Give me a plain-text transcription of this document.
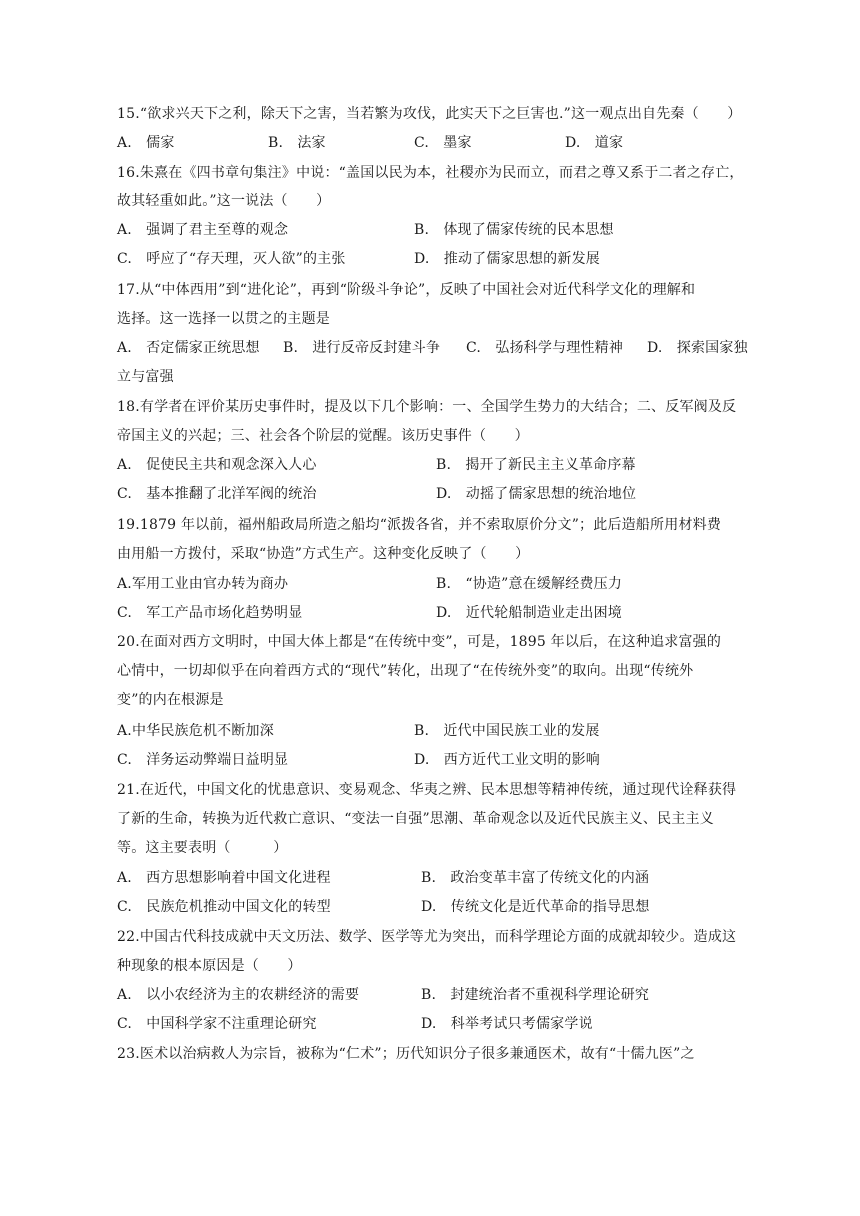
15.“欲求兴天下之利，除天下之害，当若繁为攻伐，此实天下之巨害也.”这一观点出自先秦（　　）
A.　儒家	B.　法家	C.　墨家	D.　道家
16.朱熹在《四书章句集注》中说：“盖国以民为本，社稷亦为民而立，而君之尊又系于二者之存亡，
故其轻重如此。”这一说法（　　）
A.　强调了君主至尊的观念	B.　体现了儒家传统的民本思想
C.　呼应了“存天理，灭人欲”的主张	D.　推动了儒家思想的新发展
17.从“中体西用”到“进化论”，再到“阶级斗争论”，反映了中国社会对近代科学文化的理解和
选择。这一选择一以贯之的主题是
A.　否定儒家正统思想 B.　进行反帝反封建斗争 C.　弘扬科学与理性精神 D.　探索国家独
立与富强
18.有学者在评价某历史事件时，提及以下几个影响：一、全国学生势力的大结合；二、反军阀及反
帝国主义的兴起；三、社会各个阶层的觉醒。该历史事件（　　）
A.　促使民主共和观念深入人心	B.　揭开了新民主主义革命序幕
C.　基本推翻了北洋军阀的统治	D.　动摇了儒家思想的统治地位
19.1879 年以前，福州船政局所造之船均“派拨各省，并不索取原价分文”；此后造船所用材料费
由用船一方拨付，采取“协造”方式生产。这种变化反映了（　　）
A.军用工业由官办转为商办	B.　“协造”意在缓解经费压力
C.　军工产品市场化趋势明显	D.　近代轮船制造业走出困境
20.在面对西方文明时，中国大体上都是“在传统中变”，可是，1895 年以后，在这种追求富强的
心情中，一切却似乎在向着西方式的“现代”转化，出现了“在传统外变”的取向。出现“传统外
变”的内在根源是
A.中华民族危机不断加深	B.　近代中国民族工业的发展
C.　洋务运动弊端日益明显	D.　西方近代工业文明的影响
21.在近代，中国文化的忧患意识、变易观念、华夷之辨、民本思想等精神传统，通过现代诠释获得
了新的生命，转换为近代救亡意识、“变法一自强”思潮、革命观念以及近代民族主义、民主主义
等。这主要表明（　　　）
A.　西方思想影响着中国文化进程	B.　政治变革丰富了传统文化的内涵
C.　民族危机推动中国文化的转型	D.　传统文化是近代革命的指导思想
22.中国古代科技成就中天文历法、数学、医学等尤为突出，而科学理论方面的成就却较少。造成这
种现象的根本原因是（　　）
A.　以小农经济为主的农耕经济的需要	B.　封建统治者不重视科学理论研究
C.　中国科学家不注重理论研究	D.　科举考试只考儒家学说
23.医术以治病救人为宗旨，被称为“仁术”；历代知识分子很多兼通医术，故有“十儒九医”之
